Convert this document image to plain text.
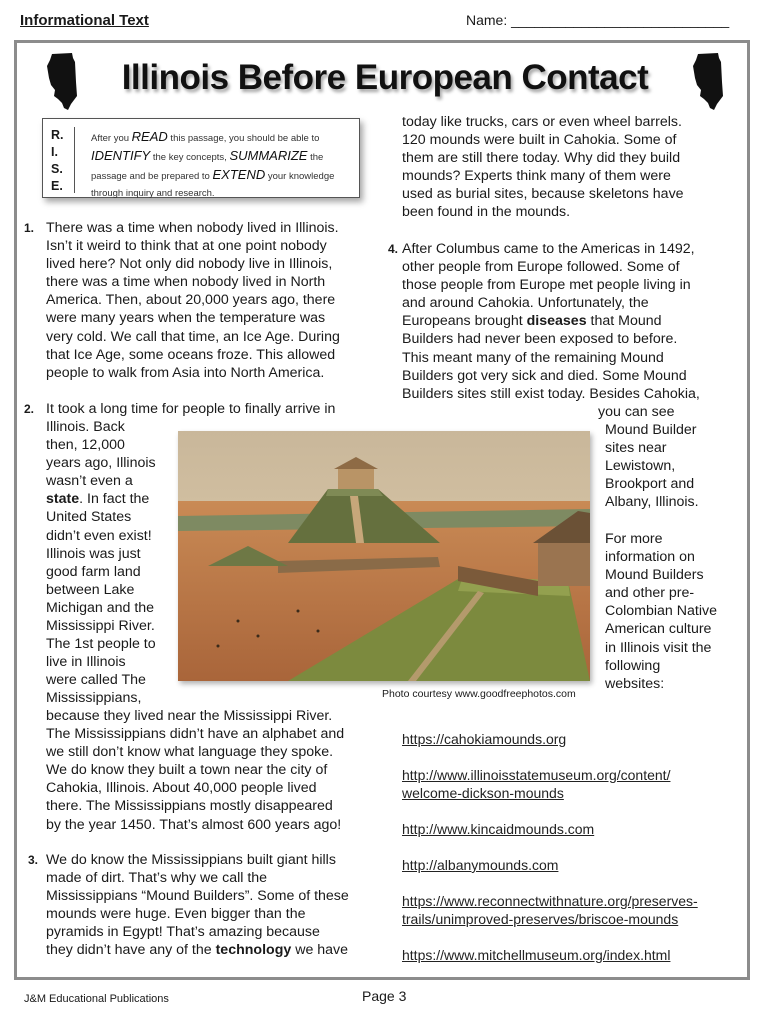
Informational Text	Name: ____________________________
Illinois Before European Contact
R.
I.
S.
E.
After you READ this passage, you should be able to IDENTIFY the key concepts, SUMMARIZE the passage and be prepared to EXTEND your knowledge through inquiry and research.
1. There was a time when nobody lived in Illinois.
Isn’t it weird to think that at one point nobody
lived here? Not only did nobody live in Illinois,
there was a time when nobody lived in North
America. Then, about 20,000 years ago, there
were many years when the temperature was
very cold. We call that time, an Ice Age. During
that Ice Age, some oceans froze. This allowed
people to walk from Asia into North America.
2. It took a long time for people to finally arrive in
Illinois. Back
then, 12,000
years ago, Illinois
wasn’t even a
state. In fact the
United States
didn’t even exist!
Illinois was just
good farm land
between Lake
Michigan and the
Mississippi River.
The 1st people to
live in Illinois
were called The
Mississippians,
because they lived near the Mississippi River.
The Mississippians didn’t have an alphabet and
we still don’t know what language they spoke.
We do know they built a town near the city of
Cahokia, Illinois. About 40,000 people lived
there. The Mississippians mostly disappeared
by the year 1450. That’s almost 600 years ago!
3. We do know the Mississippians built giant hills
made of dirt. That’s why we call the
Mississippians “Mound Builders”. Some of these
mounds were huge. Even bigger than the
pyramids in Egypt! That’s amazing because
they didn’t have any of the technology we have
today like trucks, cars or even wheel barrels.
120 mounds were built in Cahokia. Some of
them are still there today. Why did they build
mounds? Experts think many of them were
used as burial sites, because skeletons have
been found in the mounds.
4. After Columbus came to the Americas in 1492,
other people from Europe followed. Some of
those people from Europe met people living in
and around Cahokia. Unfortunately, the
Europeans brought diseases that Mound
Builders had never been exposed to before.
This meant many of the remaining Mound
Builders got very sick and died. Some Mound
Builders sites still exist today. Besides Cahokia,
you can see
Mound Builder
sites near
Lewistown,
Brookport and
Albany, Illinois.
For more
information on
Mound Builders
and other pre-
Colombian Native
American culture
in Illinois visit the
following
websites:
Photo courtesy www.goodfreephotos.com
https://cahokiamounds.org
http://www.illinoisstatemuseum.org/content/
welcome-dickson-mounds
http://www.kincaidmounds.com
http://albanymounds.com
https://www.reconnectwithnature.org/preserves-
trails/unimproved-preserves/briscoe-mounds
https://www.mitchellmuseum.org/index.html
J&M Educational Publications	Page 3
